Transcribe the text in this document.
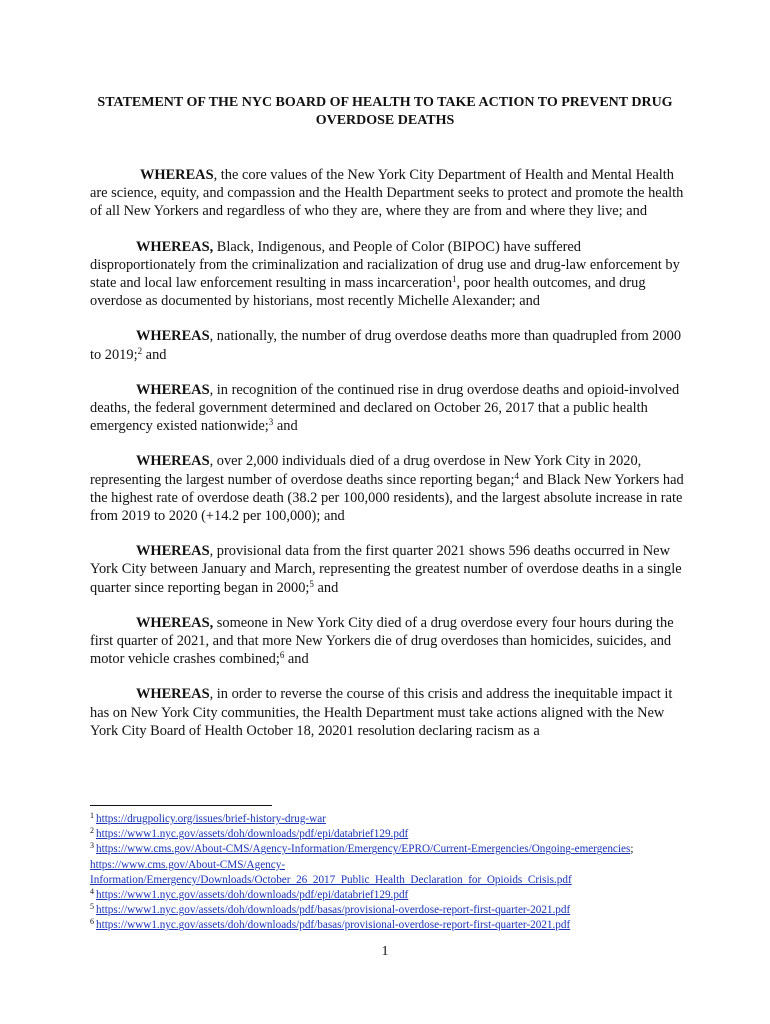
STATEMENT OF THE NYC BOARD OF HEALTH TO TAKE ACTION TO PREVENT DRUG OVERDOSE DEATHS

WHEREAS, the core values of the New York City Department of Health and Mental Health are science, equity, and compassion and the Health Department seeks to protect and promote the health of all New Yorkers and regardless of who they are, where they are from and where they live; and

WHEREAS, Black, Indigenous, and People of Color (BIPOC) have suffered disproportionately from the criminalization and racialization of drug use and drug-law enforcement by state and local law enforcement resulting in mass incarceration$^1$, poor health outcomes, and drug overdose as documented by historians, most recently Michelle Alexander; and

WHEREAS, nationally, the number of drug overdose deaths more than quadrupled from 2000 to 2019;$^2$ and

WHEREAS, in recognition of the continued rise in drug overdose deaths and opioid-involved deaths, the federal government determined and declared on October 26, 2017 that a public health emergency existed nationwide;$^3$ and

WHEREAS, over 2,000 individuals died of a drug overdose in New York City in 2020, representing the largest number of overdose deaths since reporting began;$^4$ and Black New Yorkers had the highest rate of overdose death (38.2 per 100,000 residents), and the largest absolute increase in rate from 2019 to 2020 (+14.2 per 100,000); and

WHEREAS, provisional data from the first quarter 2021 shows 596 deaths occurred in New York City between January and March, representing the greatest number of overdose deaths in a single quarter since reporting began in 2000;$^5$ and

WHEREAS, someone in New York City died of a drug overdose every four hours during the first quarter of 2021, and that more New Yorkers die of drug overdoses than homicides, suicides, and motor vehicle crashes combined;$^6$ and

WHEREAS, in order to reverse the course of this crisis and address the inequitable impact it has on New York City communities, the Health Department must take actions aligned with the New York City Board of Health October 18, 20201 resolution declaring racism as a

$^1$ https://drugpolicy.org/issues/brief-history-drug-war

$^2$ https://www1.nyc.gov/assets/doh/downloads/pdf/epi/databrief129.pdf

$^3$ https://www.cms.gov/About-CMS/Agency-Information/Emergency/EPRO/Current-Emergencies/Ongoing-emergencies; https://www.cms.gov/About-CMS/Agency-Information/Emergency/Downloads/October_26_2017_Public_Health_Declaration_for_Opioids_Crisis.pdf

$^4$ https://www1.nyc.gov/assets/doh/downloads/pdf/epi/databrief129.pdf

$^5$ https://www1.nyc.gov/assets/doh/downloads/pdf/basas/provisional-overdose-report-first-quarter-2021.pdf

$^6$ https://www1.nyc.gov/assets/doh/downloads/pdf/basas/provisional-overdose-report-first-quarter-2021.pdf

1
